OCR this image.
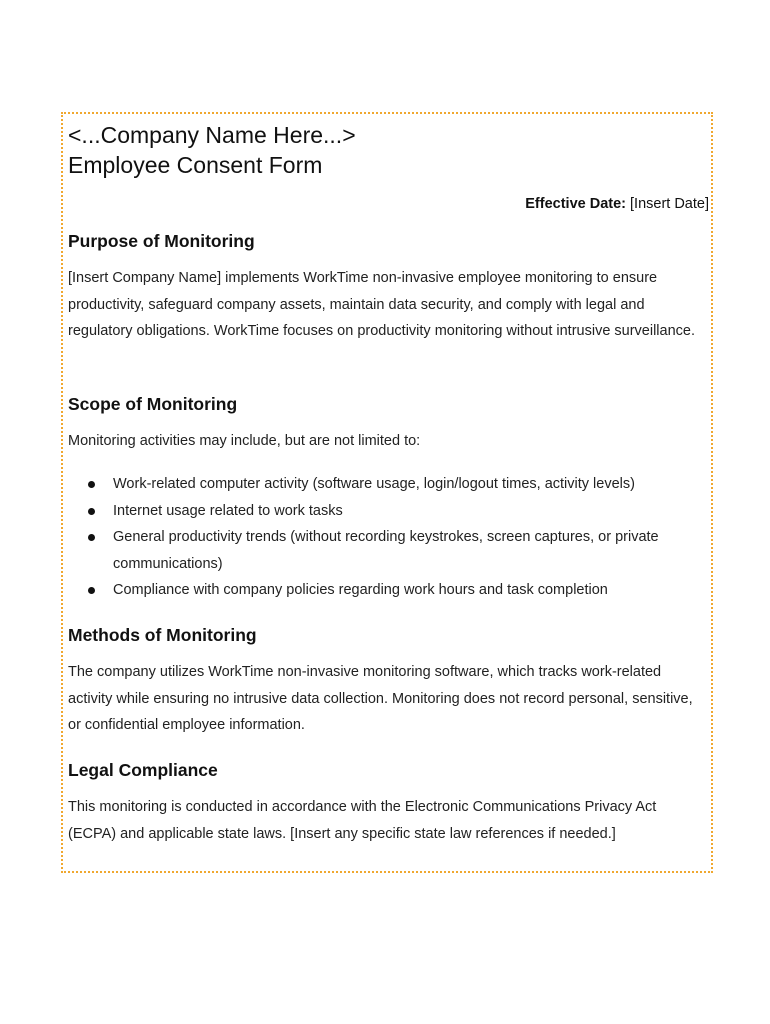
<...Company Name Here...>
Employee Consent Form
Effective Date: [Insert Date]
Purpose of Monitoring
[Insert Company Name] implements WorkTime non-invasive employee monitoring to ensure productivity, safeguard company assets, maintain data security, and comply with legal and regulatory obligations. WorkTime focuses on productivity monitoring without intrusive surveillance.
Scope of Monitoring
Monitoring activities may include, but are not limited to:
Work-related computer activity (software usage, login/logout times, activity levels)
Internet usage related to work tasks
General productivity trends (without recording keystrokes, screen captures, or private communications)
Compliance with company policies regarding work hours and task completion
Methods of Monitoring
The company utilizes WorkTime non-invasive monitoring software, which tracks work-related activity while ensuring no intrusive data collection. Monitoring does not record personal, sensitive, or confidential employee information.
Legal Compliance
This monitoring is conducted in accordance with the Electronic Communications Privacy Act (ECPA) and applicable state laws. [Insert any specific state law references if needed.]
